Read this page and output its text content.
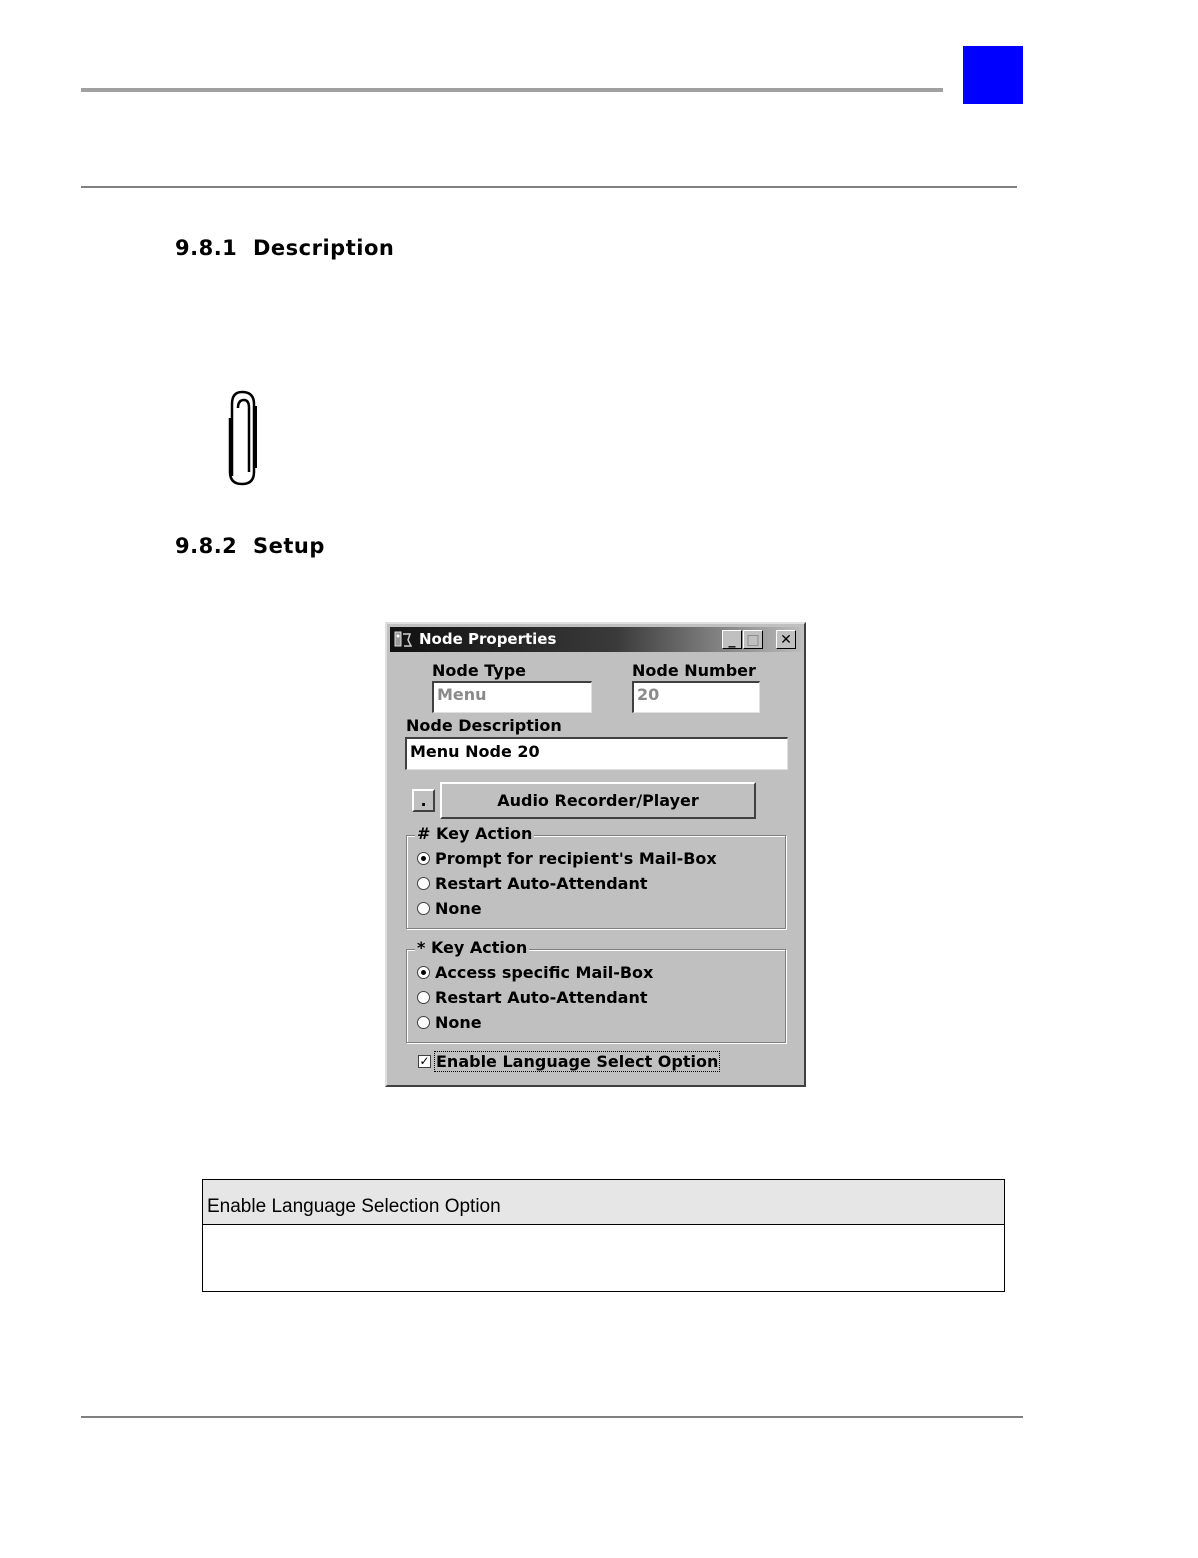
9.8.1 Description
9.8.2 Setup
Node Properties	_ □ ✕
Node Type
Menu
Node Number
20
Node Description
Menu Node 20
.	Audio Recorder/Player
# Key Action
Prompt for recipient's Mail-Box
Restart Auto-Attendant
None
* Key Action
Access specific Mail-Box
Restart Auto-Attendant
None
✓ Enable Language Select Option
Enable Language Selection Option
